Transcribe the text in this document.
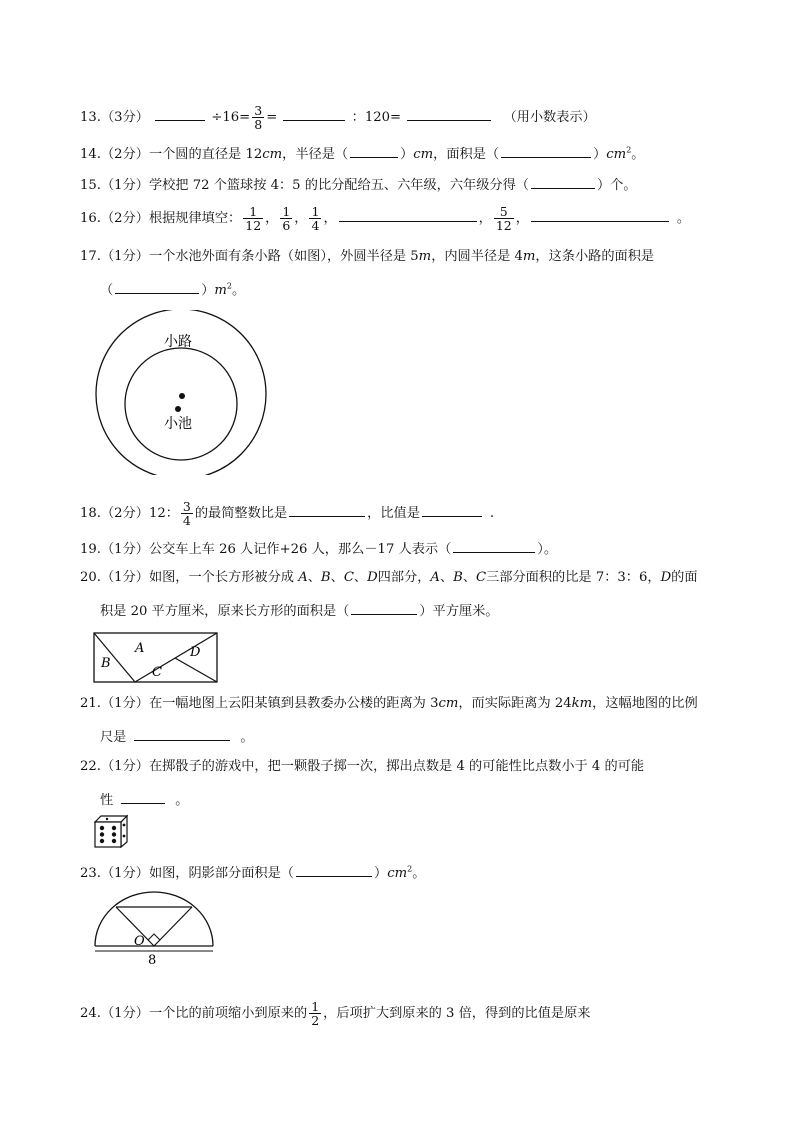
13.（3分）	$\div 16= \frac{3}{8}$ =	：120=	（用小数表示）
14.（2分）一个圆的直径是 12cm，半径是（	）cm，面积是（	）$cm^2$。
15.（1分）学校把 72 个篮球按 4：5 的比分配给五、六年级，六年级分得（	）个。
16.（2分）根据规律填空： $\frac{1}{12}$ ， $\frac{1}{6}$ ， $\frac{1}{4}$ ，	， $\frac{5}{12}$ ，	。
17.（1分）一个水池外面有条小路（如图），外圆半径是 5m，内圆半径是 4m，这条小路的面积是
（	）$m^2$。
小路
小池
18.（2分）12： $\frac{3}{4}$ 的最简整数比是	，比值是	.
19.（1分）公交车上车 26 人记作+26 人，那么－17 人表示（	）。
20.（1分）如图，一个长方形被分成 A、B、C、D四部分，A、B、C三部分面积的比是 7：3：6，D的面
积是 20 平方厘米，原来长方形的面积是（	）平方厘米。
A
B
C
D
21.（1分）在一幅地图上云阳某镇到县教委办公楼的距离为 3cm，而实际距离为 24km，这幅地图的比例
尺是	。
22.（1分）在掷骰子的游戏中，把一颗骰子掷一次，掷出点数是 4 的可能性比点数小于 4 的可能
性	。
23.（1分）如图，阴影部分面积是（	）$cm^2$。
O
8
24.（1分）一个比的前项缩小到原来的 $\frac{1}{2}$ ，后项扩大到原来的 3 倍，得到的比值是原来
